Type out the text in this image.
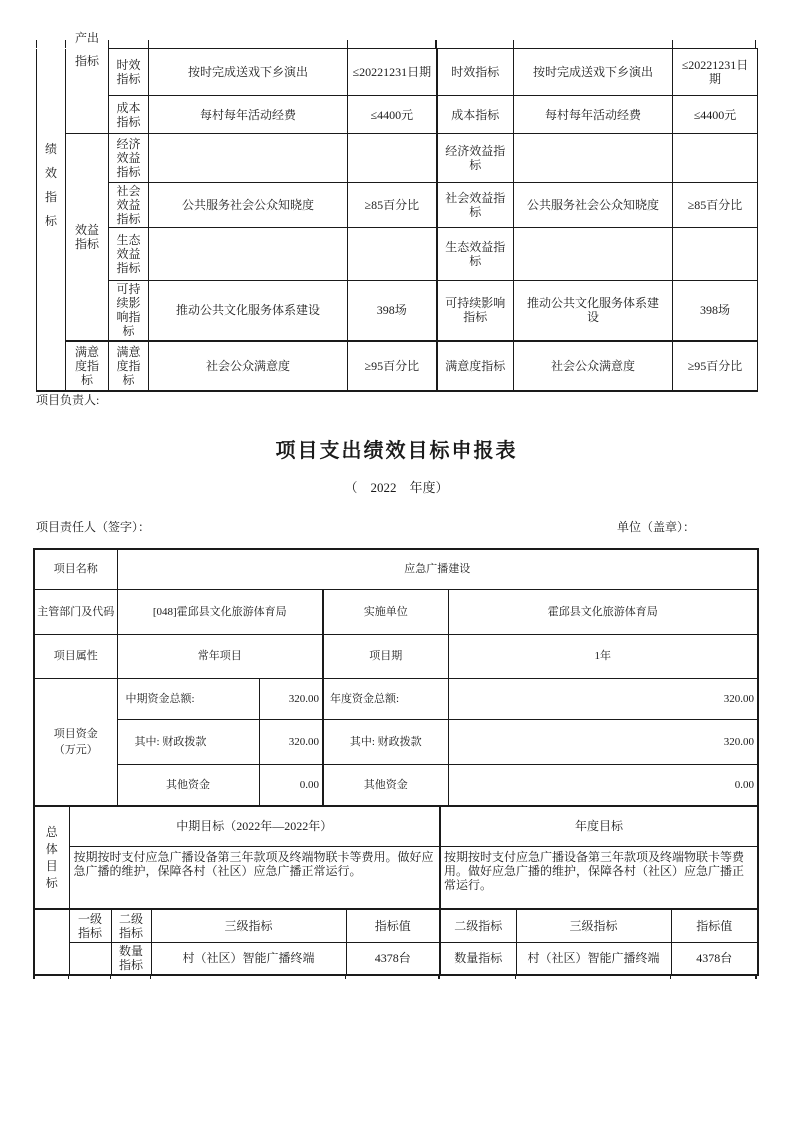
产出
绩效指标	指标	时效指标	按时完成送戏下乡演出	≤20221231日期	时效指标	按时完成送戏下乡演出	≤20221231日期
		成本指标	每村每年活动经费	≤4400元	成本指标	每村每年活动经费	≤4400元
	效益指标	经济效益指标			经济效益指标		
		社会效益指标	公共服务社会公众知晓度	≥85百分比	社会效益指标	公共服务社会公众知晓度	≥85百分比
		生态效益指标			生态效益指标		
		可持续影响指标	推动公共文化服务体系建设	398场	可持续影响指标	推动公共文化服务体系建设	398场
	满意度指标	满意度指标	社会公众满意度	≥95百分比	满意度指标	社会公众满意度	≥95百分比
项目负责人:
项目支出绩效目标申报表
（　2022　年度）
项目责任人（签字）：	单位（盖章）：
项目名称			应急广播建设								
主管部门及代码			[048]霍邱县文化旅游体育局			实施单位			霍邱县文化旅游体育局		
项目属性			常年项目			项目期			1年		
项目资金（万元）			中期资金总额:		320.00	年度资金总额:			320.00		
			其中: 财政拨款		320.00	其中: 财政拨款			320.00		
			其他资金		0.00	其他资金			0.00		
总体目标	中期目标（2022年—2022年）							年度目标			
	按期按时支付应急广播设备第三年款项及终端物联卡等费用。做好应急广播的维护，保障各村（社区）应急广播正常运行。							按期按时支付应急广播设备第三年款项及终端物联卡等费用。做好应急广播的维护，保障各村（社区）应急广播正常运行。			
	一级指标	二级指标		三级指标			指标值	二级指标		三级指标	指标值
		数量指标		村（社区）智能广播终端			4378台	数量指标		村（社区）智能广播终端	4378台
